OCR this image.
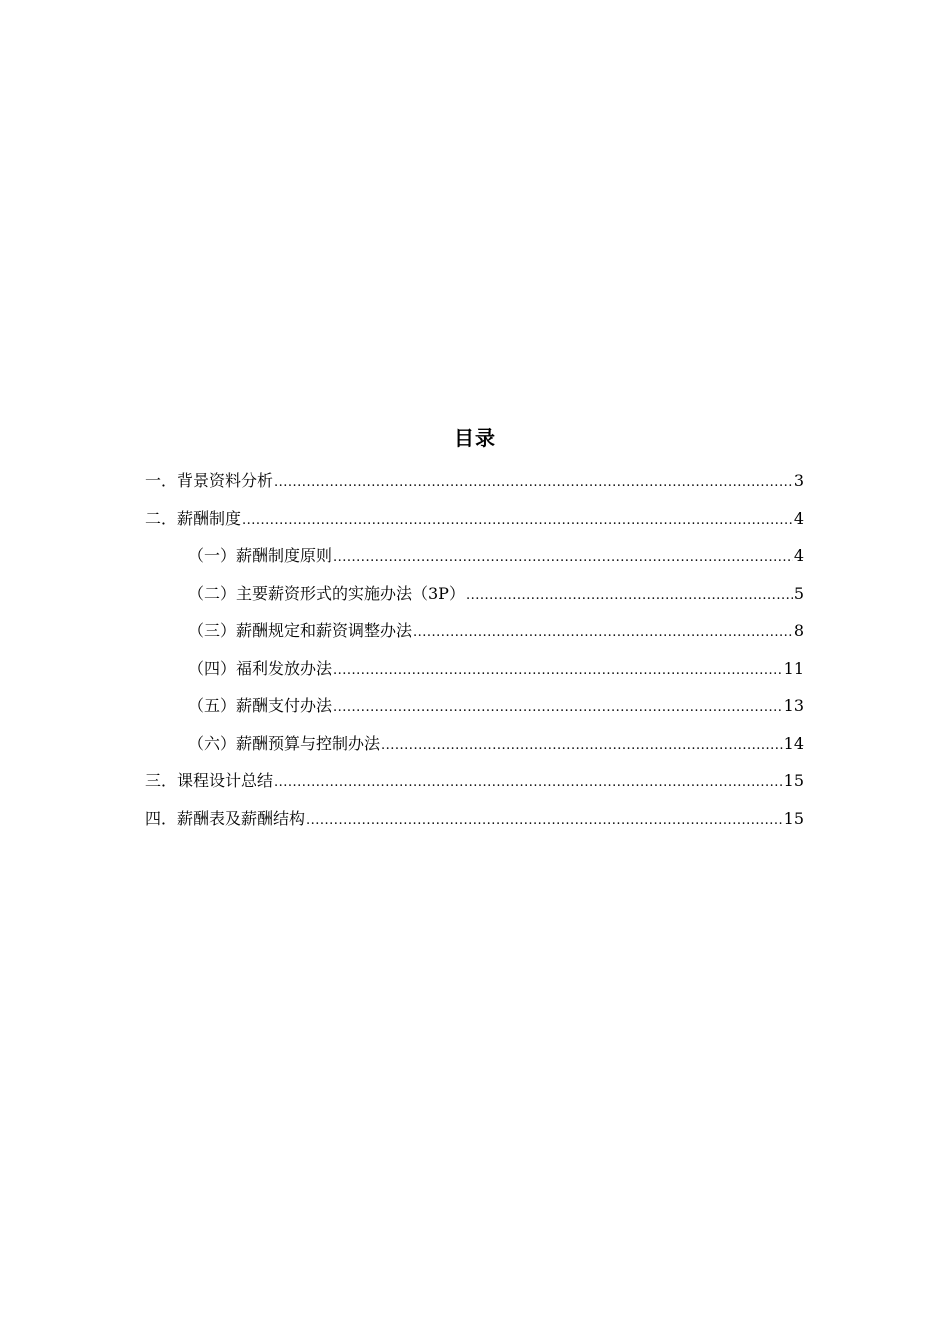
目录
一．背景资料分析 .....	3
二．薪酬制度 .....	4
（一）薪酬制度原则 .....	4
（二）主要薪资形式的实施办法（3P） .....	5
（三）薪酬规定和薪资调整办法 .....	8
（四）福利发放办法 .....	11
（五）薪酬支付办法 .....	13
（六）薪酬预算与控制办法 .....	14
三．课程设计总结 .....	15
四．薪酬表及薪酬结构 .....	15
